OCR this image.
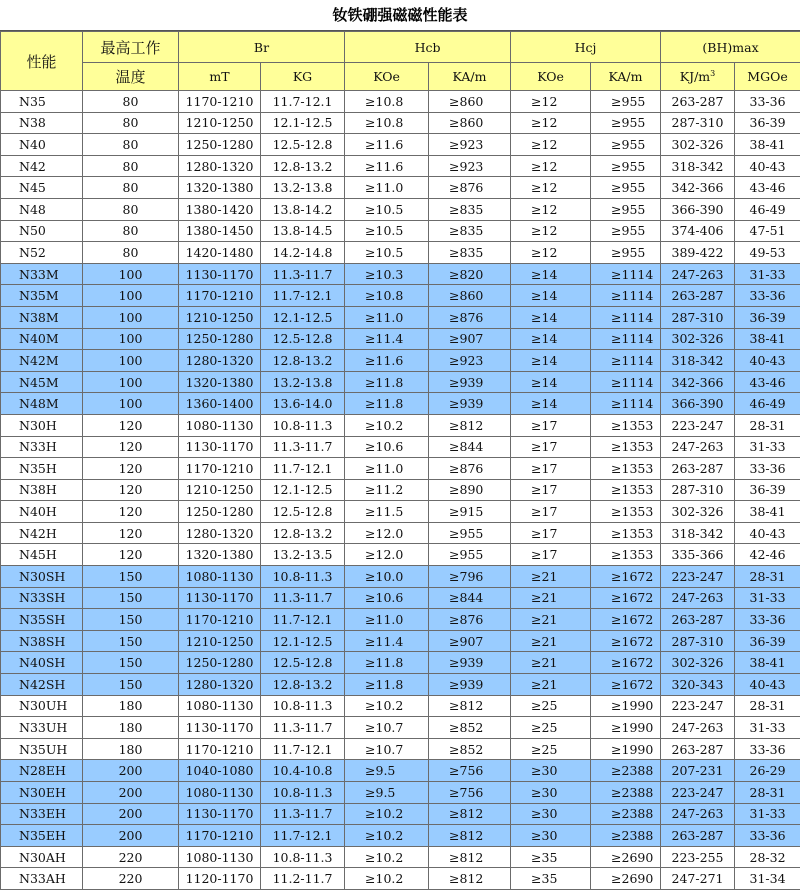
钕铁硼强磁磁性能表
性能	最高工作	Br		Hcb		Hcj		(BH)max	
	温度	mT	KG	KOe	KA/m	KOe	KA/m	$KJ/m^3$	MGOe
N35	80	1170-1210	11.7-12.1	≥10.8	≥860	≥12	≥955	263-287	33-36
N38	80	1210-1250	12.1-12.5	≥10.8	≥860	≥12	≥955	287-310	36-39
N40	80	1250-1280	12.5-12.8	≥11.6	≥923	≥12	≥955	302-326	38-41
N42	80	1280-1320	12.8-13.2	≥11.6	≥923	≥12	≥955	318-342	40-43
N45	80	1320-1380	13.2-13.8	≥11.0	≥876	≥12	≥955	342-366	43-46
N48	80	1380-1420	13.8-14.2	≥10.5	≥835	≥12	≥955	366-390	46-49
N50	80	1380-1450	13.8-14.5	≥10.5	≥835	≥12	≥955	374-406	47-51
N52	80	1420-1480	14.2-14.8	≥10.5	≥835	≥12	≥955	389-422	49-53
N33M	100	1130-1170	11.3-11.7	≥10.3	≥820	≥14	≥1114	247-263	31-33
N35M	100	1170-1210	11.7-12.1	≥10.8	≥860	≥14	≥1114	263-287	33-36
N38M	100	1210-1250	12.1-12.5	≥11.0	≥876	≥14	≥1114	287-310	36-39
N40M	100	1250-1280	12.5-12.8	≥11.4	≥907	≥14	≥1114	302-326	38-41
N42M	100	1280-1320	12.8-13.2	≥11.6	≥923	≥14	≥1114	318-342	40-43
N45M	100	1320-1380	13.2-13.8	≥11.8	≥939	≥14	≥1114	342-366	43-46
N48M	100	1360-1400	13.6-14.0	≥11.8	≥939	≥14	≥1114	366-390	46-49
N30H	120	1080-1130	10.8-11.3	≥10.2	≥812	≥17	≥1353	223-247	28-31
N33H	120	1130-1170	11.3-11.7	≥10.6	≥844	≥17	≥1353	247-263	31-33
N35H	120	1170-1210	11.7-12.1	≥11.0	≥876	≥17	≥1353	263-287	33-36
N38H	120	1210-1250	12.1-12.5	≥11.2	≥890	≥17	≥1353	287-310	36-39
N40H	120	1250-1280	12.5-12.8	≥11.5	≥915	≥17	≥1353	302-326	38-41
N42H	120	1280-1320	12.8-13.2	≥12.0	≥955	≥17	≥1353	318-342	40-43
N45H	120	1320-1380	13.2-13.5	≥12.0	≥955	≥17	≥1353	335-366	42-46
N30SH	150	1080-1130	10.8-11.3	≥10.0	≥796	≥21	≥1672	223-247	28-31
N33SH	150	1130-1170	11.3-11.7	≥10.6	≥844	≥21	≥1672	247-263	31-33
N35SH	150	1170-1210	11.7-12.1	≥11.0	≥876	≥21	≥1672	263-287	33-36
N38SH	150	1210-1250	12.1-12.5	≥11.4	≥907	≥21	≥1672	287-310	36-39
N40SH	150	1250-1280	12.5-12.8	≥11.8	≥939	≥21	≥1672	302-326	38-41
N42SH	150	1280-1320	12.8-13.2	≥11.8	≥939	≥21	≥1672	320-343	40-43
N30UH	180	1080-1130	10.8-11.3	≥10.2	≥812	≥25	≥1990	223-247	28-31
N33UH	180	1130-1170	11.3-11.7	≥10.7	≥852	≥25	≥1990	247-263	31-33
N35UH	180	1170-1210	11.7-12.1	≥10.7	≥852	≥25	≥1990	263-287	33-36
N28EH	200	1040-1080	10.4-10.8	≥9.5	≥756	≥30	≥2388	207-231	26-29
N30EH	200	1080-1130	10.8-11.3	≥9.5	≥756	≥30	≥2388	223-247	28-31
N33EH	200	1130-1170	11.3-11.7	≥10.2	≥812	≥30	≥2388	247-263	31-33
N35EH	200	1170-1210	11.7-12.1	≥10.2	≥812	≥30	≥2388	263-287	33-36
N30AH	220	1080-1130	10.8-11.3	≥10.2	≥812	≥35	≥2690	223-255	28-32
N33AH	220	1120-1170	11.2-11.7	≥10.2	≥812	≥35	≥2690	247-271	31-34
